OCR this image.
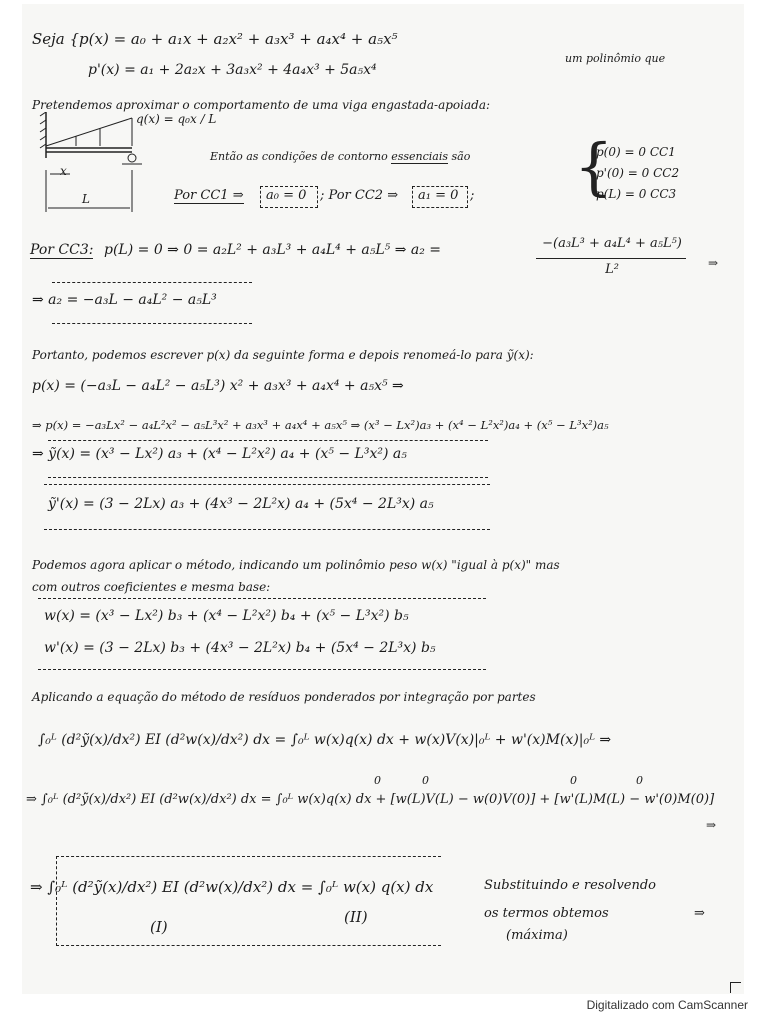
Seja {p(x) = a₀ + a₁x + a₂x² + a₃x³ + a₄x⁴ + a₅x⁵
um polinômio que
p'(x) = a₁ + 2a₂x + 3a₃x² + 4a₄x³ + 5a₅x⁴
Pretendemos aproximar o comportamento de uma viga engastada-apoiada:
q(x) = q₀x / L
x
L
Então as condições de contorno essenciais são {
p(0) = 0 CC1
p'(0) = 0 CC2
p(L) = 0 CC3
Por CC1 ⇒ a₀ = 0 ; Por CC2 ⇒ a₁ = 0 ;
Por CC3: p(L) = 0 ⇒ 0 = a₂L² + a₃L³ + a₄L⁴ + a₅L⁵ ⇒ a₂ =	−(a₃L³ + a₄L⁴ + a₅L⁵)
L²	⇒
⇒ a₂ = −a₃L − a₄L² − a₅L³
Portanto, podemos escrever p(x) da seguinte forma e depois renomeá-lo para ỹ(x):
p(x) = (−a₃L − a₄L² − a₅L³) x² + a₃x³ + a₄x⁴ + a₅x⁵ ⇒
⇒ p(x) = −a₃Lx² − a₄L²x² − a₅L³x² + a₃x³ + a₄x⁴ + a₅x⁵ ⇒ (x³ − Lx²)a₃ + (x⁴ − L²x²)a₄ + (x⁵ − L³x²)a₅
⇒ ỹ(x) = (x³ − Lx²) a₃ + (x⁴ − L²x²) a₄ + (x⁵ − L³x²) a₅
ỹ'(x) = (3 − 2Lx) a₃ + (4x³ − 2L²x) a₄ + (5x⁴ − 2L³x) a₅
Podemos agora aplicar o método, indicando um polinômio peso w(x) "igual à p(x)" mas
com outros coeficientes e mesma base:
w(x) = (x³ − Lx²) b₃ + (x⁴ − L²x²) b₄ + (x⁵ − L³x²) b₅
w'(x) = (3 − 2Lx) b₃ + (4x³ − 2L²x) b₄ + (5x⁴ − 2L³x) b₅
Aplicando a equação do método de resíduos ponderados por integração por partes
∫₀ᴸ (d²ỹ(x)/dx²) EI (d²w(x)/dx²) dx = ∫₀ᴸ w(x)q(x) dx + w(x)V(x)|₀ᴸ + w'(x)M(x)|₀ᴸ ⇒
⇒ ∫₀ᴸ (d²ỹ(x)/dx²) EI (d²w(x)/dx²) dx = ∫₀ᴸ w(x)q(x) dx + [w(L)V(L) − w(0)V(0)] + [w'(L)M(L) − w'(0)M(0)]
0	0	0	0
⇒
⇒ ∫₀ᴸ (d²ỹ(x)/dx²) EI (d²w(x)/dx²) dx = ∫₀ᴸ w(x) q(x) dx
(I)
(II)
Substituindo e resolvendo
os termos obtemos
(máxima)
⇒
Digitalizado com CamScanner
